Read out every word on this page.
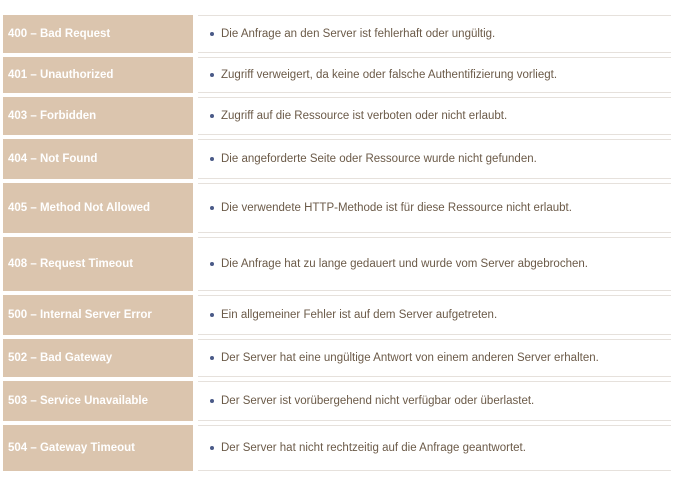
400 – Bad Request	Die Anfrage an den Server ist fehlerhaft oder ungültig.
401 – Unauthorized	Zugriff verweigert, da keine oder falsche Authentifizierung vorliegt.
403 – Forbidden	Zugriff auf die Ressource ist verboten oder nicht erlaubt.
404 – Not Found	Die angeforderte Seite oder Ressource wurde nicht gefunden.
405 – Method Not Allowed	Die verwendete HTTP-Methode ist für diese Ressource nicht erlaubt.
408 – Request Timeout	Die Anfrage hat zu lange gedauert und wurde vom Server abgebrochen.
500 – Internal Server Error	Ein allgemeiner Fehler ist auf dem Server aufgetreten.
502 – Bad Gateway	Der Server hat eine ungültige Antwort von einem anderen Server erhalten.
503 – Service Unavailable	Der Server ist vorübergehend nicht verfügbar oder überlastet.
504 – Gateway Timeout	Der Server hat nicht rechtzeitig auf die Anfrage geantwortet.
